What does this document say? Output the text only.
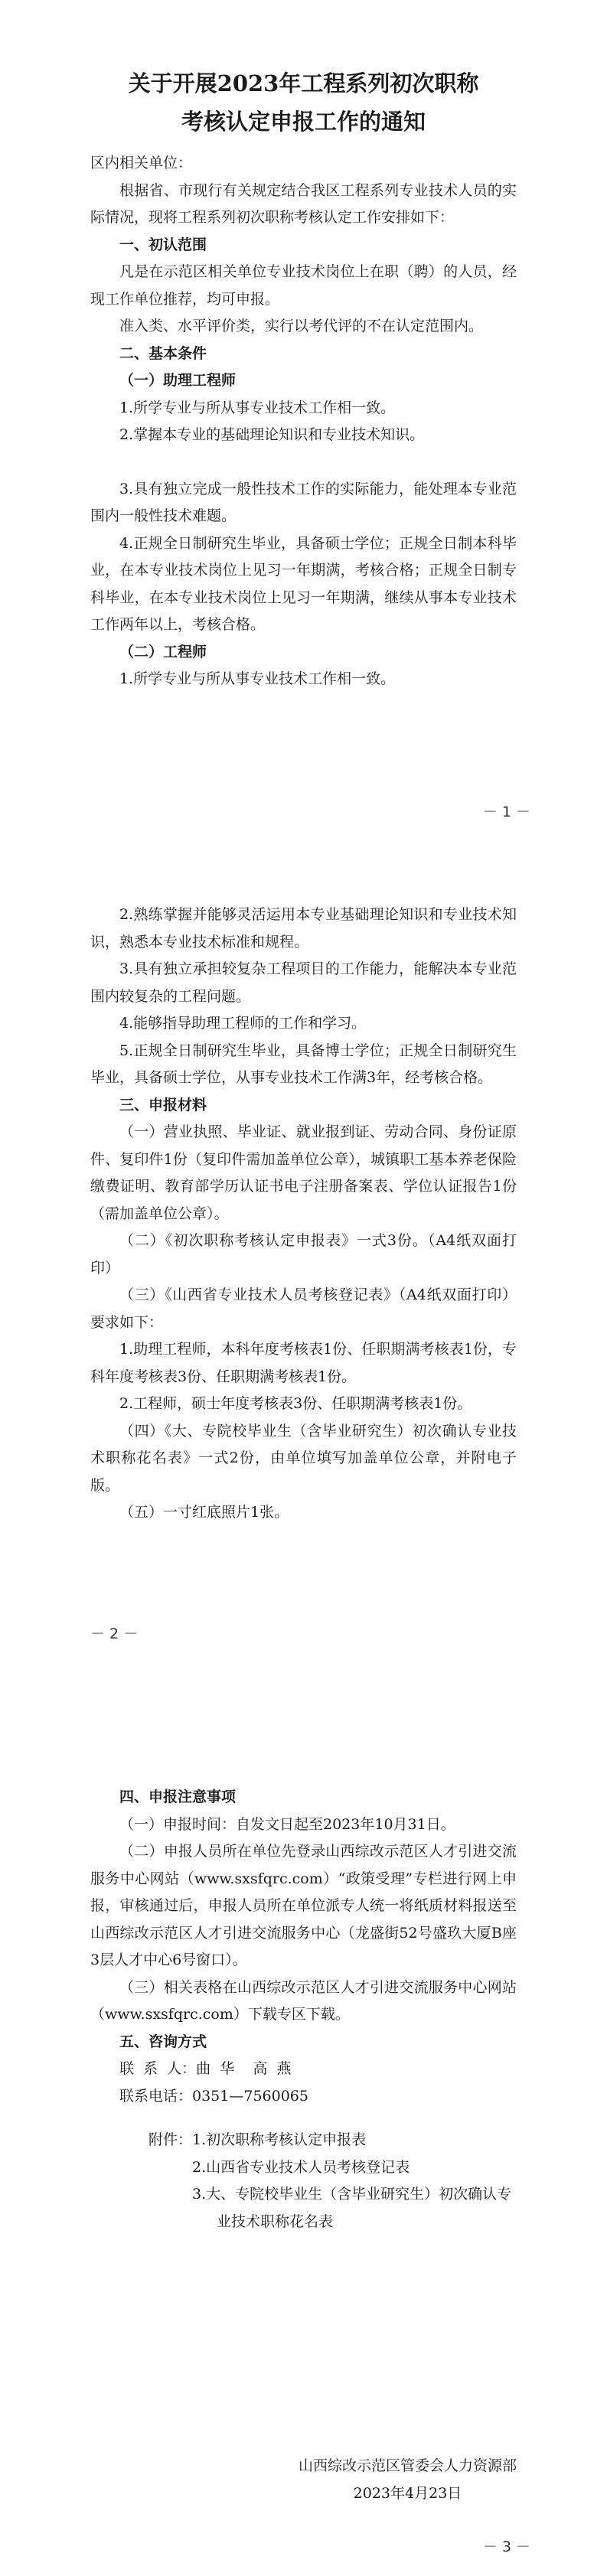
关于开展2023年工程系列初次职称
考核认定申报工作的通知

区内相关单位：

根据省、市现行有关规定结合我区工程系列专业技术人员的实际情况，现将工程系列初次职称考核认定工作安排如下：

一、初认范围

凡是在示范区相关单位专业技术岗位上在职（聘）的人员，经现工作单位推荐，均可申报。

准入类、水平评价类，实行以考代评的不在认定范围内。

二、基本条件

（一）助理工程师

1.所学专业与所从事专业技术工作相一致。

2.掌握本专业的基础理论知识和专业技术知识。

3.具有独立完成一般性技术工作的实际能力，能处理本专业范围内一般性技术难题。

4.正规全日制研究生毕业，具备硕士学位；正规全日制本科毕业，在本专业技术岗位上见习一年期满，考核合格；正规全日制专科毕业，在本专业技术岗位上见习一年期满，继续从事本专业技术工作两年以上，考核合格。

（二）工程师

1.所学专业与所从事专业技术工作相一致。

－ 1 －

2.熟练掌握并能够灵活运用本专业基础理论知识和专业技术知识，熟悉本专业技术标准和规程。

3.具有独立承担较复杂工程项目的工作能力，能解决本专业范围内较复杂的工程问题。

4.能够指导助理工程师的工作和学习。

5.正规全日制研究生毕业，具备博士学位；正规全日制研究生毕业，具备硕士学位，从事专业技术工作满3年，经考核合格。

三、申报材料

（一）营业执照、毕业证、就业报到证、劳动合同、身份证原件、复印件1份（复印件需加盖单位公章），城镇职工基本养老保险缴费证明、教育部学历认证书电子注册备案表、学位认证报告1份（需加盖单位公章）。

（二）《初次职称考核认定申报表》一式3份。（A4纸双面打印）

（三）《山西省专业技术人员考核登记表》（A4纸双面打印）要求如下：

1.助理工程师，本科年度考核表1份、任职期满考核表1份，专科年度考核表3份、任职期满考核表1份。

2.工程师，硕士年度考核表3份、任职期满考核表1份。

（四）《大、专院校毕业生（含毕业研究生）初次确认专业技术职称花名表》一式2份，由单位填写加盖单位公章，并附电子版。

（五）一寸红底照片1张。

－ 2 －

四、申报注意事项

（一）申报时间：自发文日起至2023年10月31日。

（二）申报人员所在单位先登录山西综改示范区人才引进交流服务中心网站（www.sxsfqrc.com）“政策受理”专栏进行网上申报，审核通过后，申报人员所在单位派专人统一将纸质材料报送至山西综改示范区人才引进交流服务中心（龙盛街52号盛玖大厦B座3层人才中心6号窗口）。

（三）相关表格在山西综改示范区人才引进交流服务中心网站（www.sxsfqrc.com）下载专区下载。

五、咨询方式

联  系  人：曲  华    高  燕

联系电话：0351—7560065

附件： 1.初次职称考核认定申报表

2.山西省专业技术人员考核登记表

3.大、专院校毕业生（含毕业研究生）初次确认专业技术职称花名表

山西综改示范区管委会人力资源部

2023年4月23日

－ 3 －
